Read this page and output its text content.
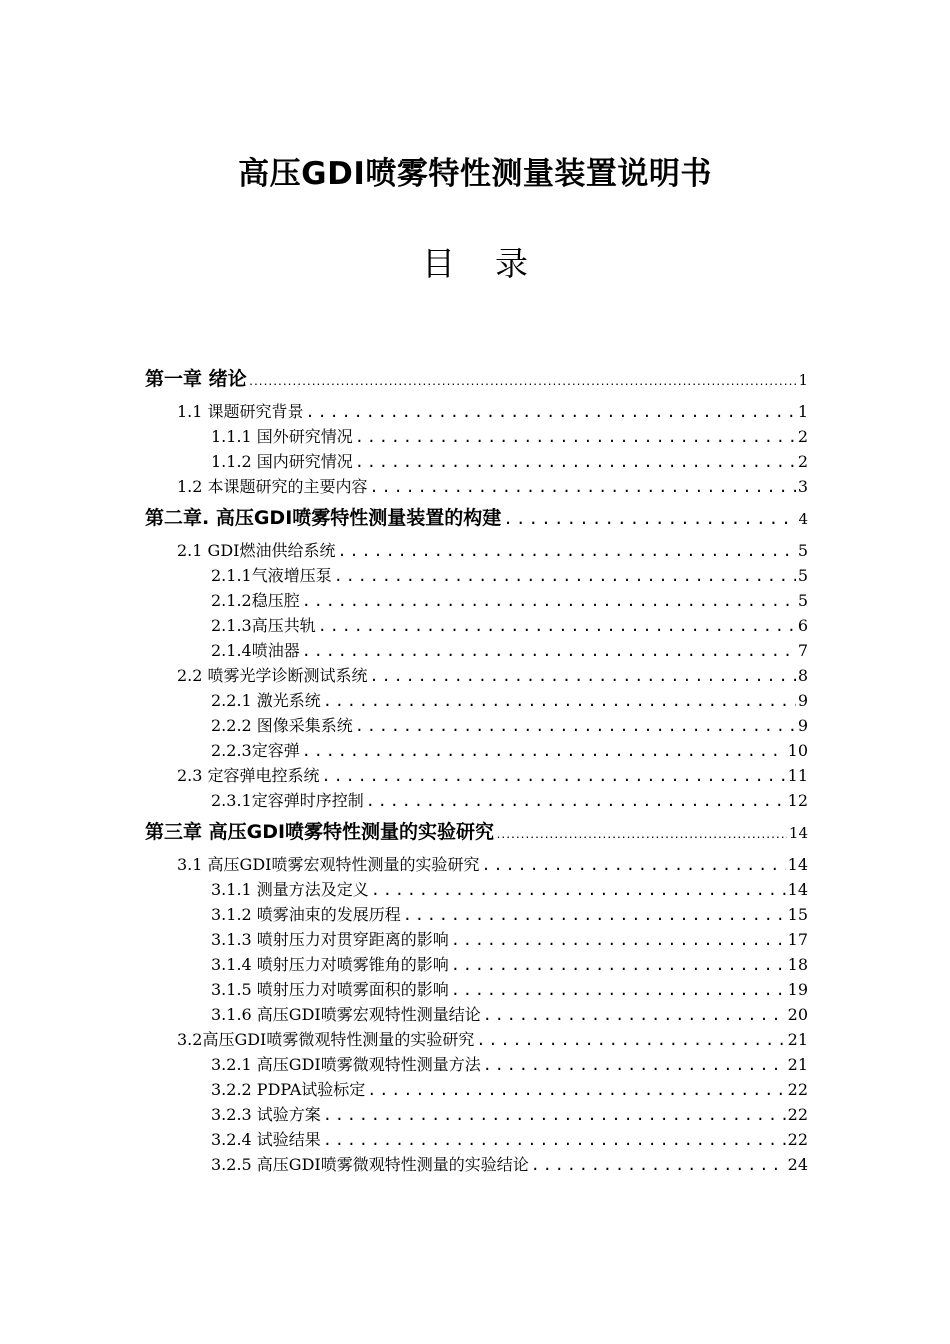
高压GDI喷雾特性测量装置说明书
目 录
第一章 绪论 .....	1
1.1 课题研究背景 .....	1
1.1.1 国外研究情况 .....	2
1.1.2 国内研究情况 .....	2
1.2 本课题研究的主要内容 .....	3
第二章. 高压GDI喷雾特性测量装置的构建 .....	4
2.1 GDI燃油供给系统 .....	5
2.1.1气液增压泵 .....	5
2.1.2稳压腔 .....	5
2.1.3高压共轨 .....	6
2.1.4喷油器 .....	7
2.2 喷雾光学诊断测试系统 .....	8
2.2.1 激光系统 .....	9
2.2.2 图像采集系统 .....	9
2.2.3定容弹 .....	10
2.3 定容弹电控系统 .....	11
2.3.1定容弹时序控制 .....	12
第三章 高压GDI喷雾特性测量的实验研究 .....	14
3.1 高压GDI喷雾宏观特性测量的实验研究 .....	14
3.1.1 测量方法及定义 .....	14
3.1.2 喷雾油束的发展历程 .....	15
3.1.3 喷射压力对贯穿距离的影响 .....	17
3.1.4 喷射压力对喷雾锥角的影响 .....	18
3.1.5 喷射压力对喷雾面积的影响 .....	19
3.1.6 高压GDI喷雾宏观特性测量结论 .....	20
3.2高压GDI喷雾微观特性测量的实验研究 .....	21
3.2.1 高压GDI喷雾微观特性测量方法 .....	21
3.2.2 PDPA试验标定 .....	22
3.2.3 试验方案 .....	22
3.2.4 试验结果 .....	22
3.2.5 高压GDI喷雾微观特性测量的实验结论 .....	24
